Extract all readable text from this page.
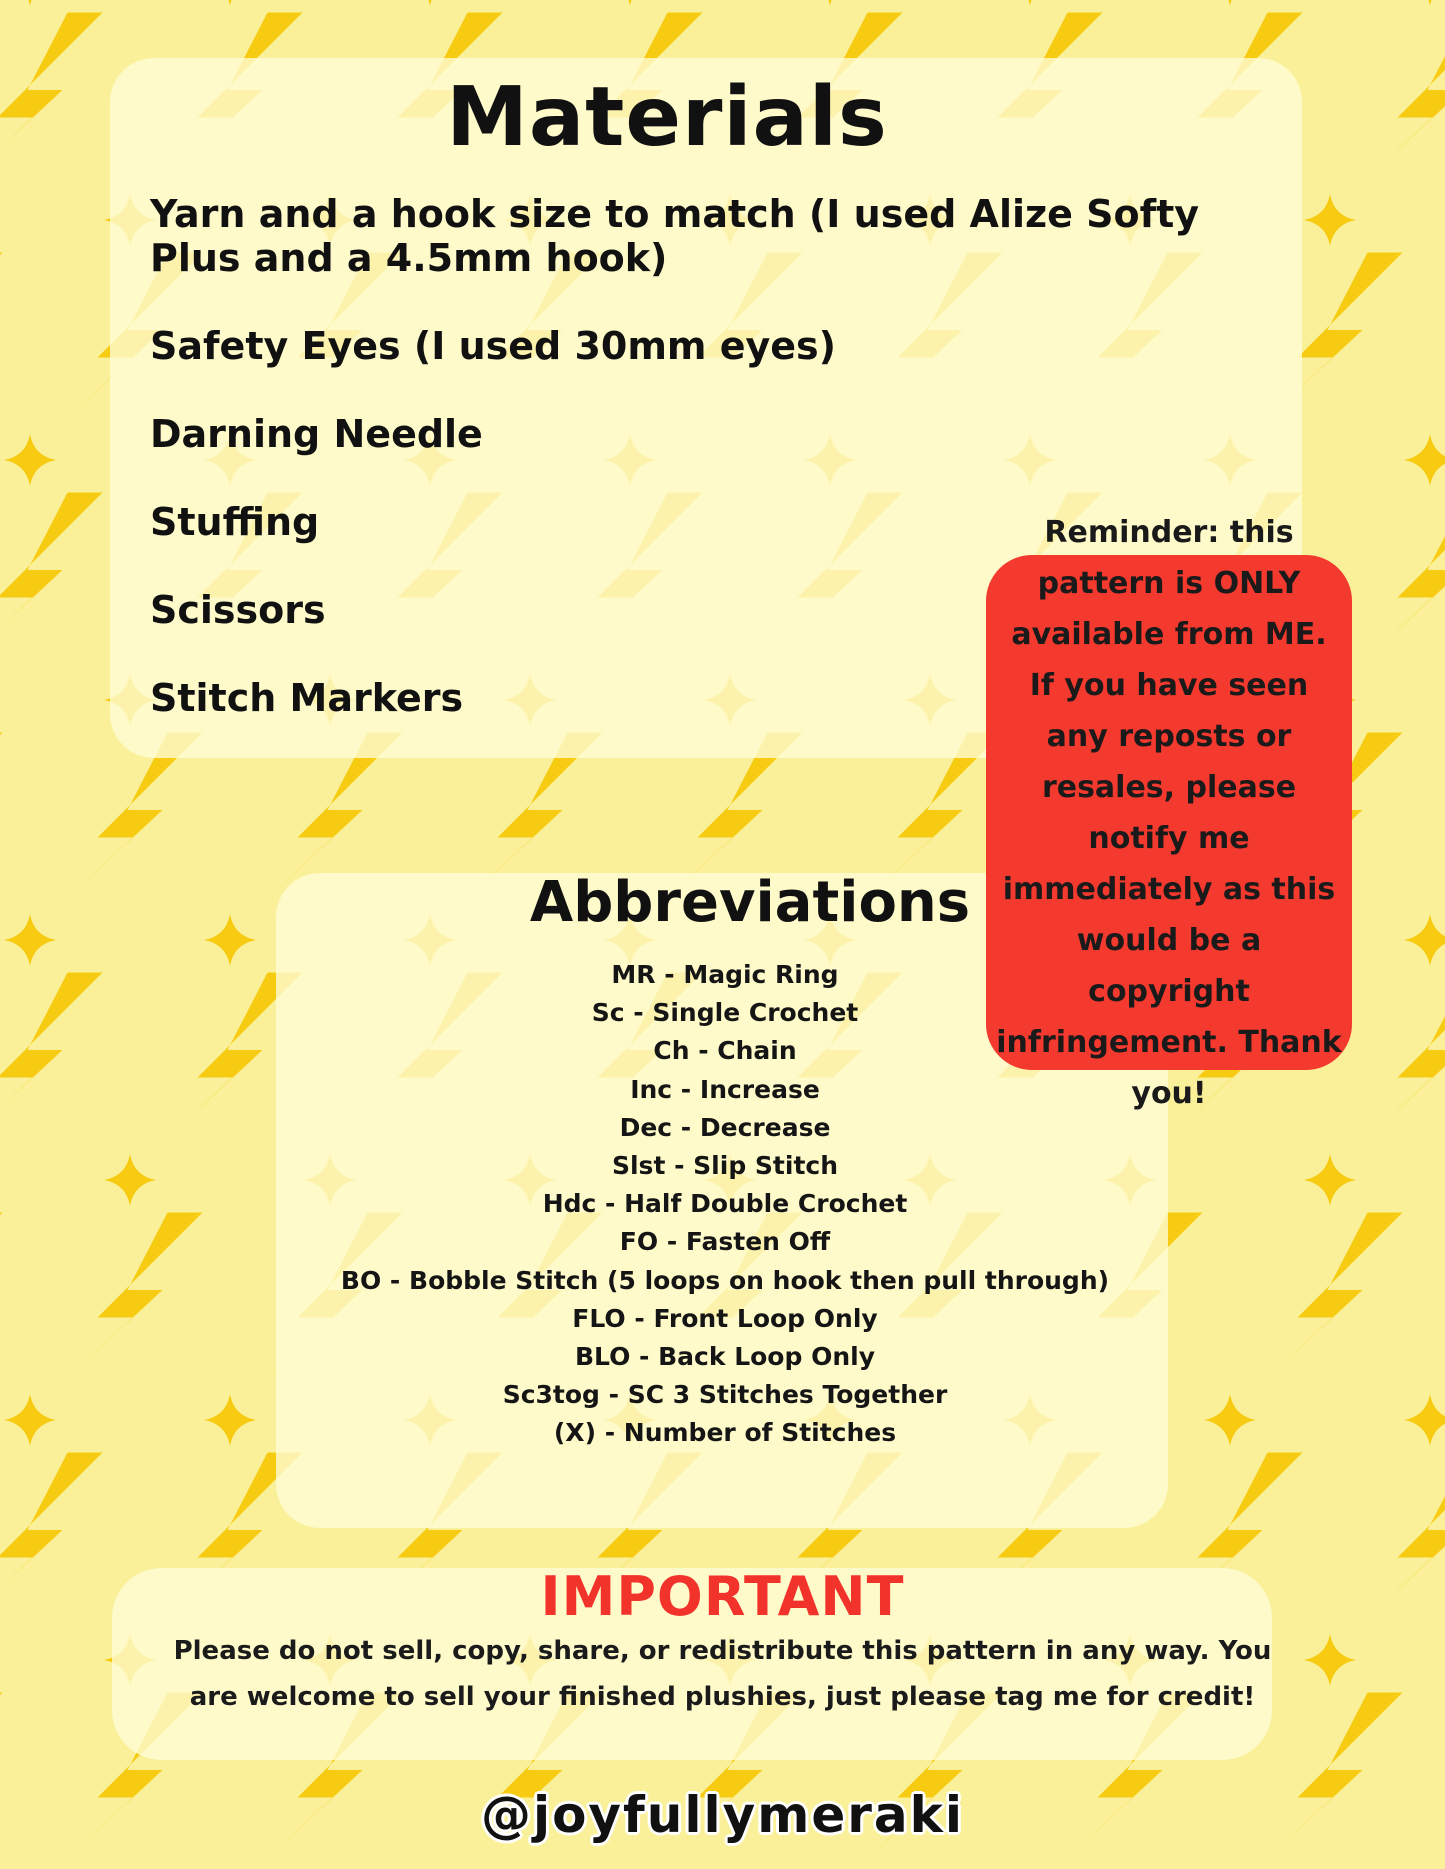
Materials
Yarn and a hook size to match (I used Alize Softy Plus and a 4.5mm hook)
Safety Eyes (I used 30mm eyes)
Darning Needle
Stuffing
Scissors
Stitch Markers
Abbreviations
MR - Magic Ring
Sc - Single Crochet
Ch - Chain
Inc - Increase
Dec - Decrease
Slst - Slip Stitch
Hdc - Half Double Crochet
FO - Fasten Off
BO - Bobble Stitch (5 loops on hook then pull through)
FLO - Front Loop Only
BLO - Back Loop Only
Sc3tog - SC 3 Stitches Together
(X) - Number of Stitches

Reminder: this pattern is ONLY available from ME. If you have seen any reposts or resales, please notify me immediately as this would be a copyright infringement. Thank you!

IMPORTANT

Please do not sell, copy, share, or redistribute this pattern in any way. You are welcome to sell your finished plushies, just please tag me for credit!

@joyfullymeraki
